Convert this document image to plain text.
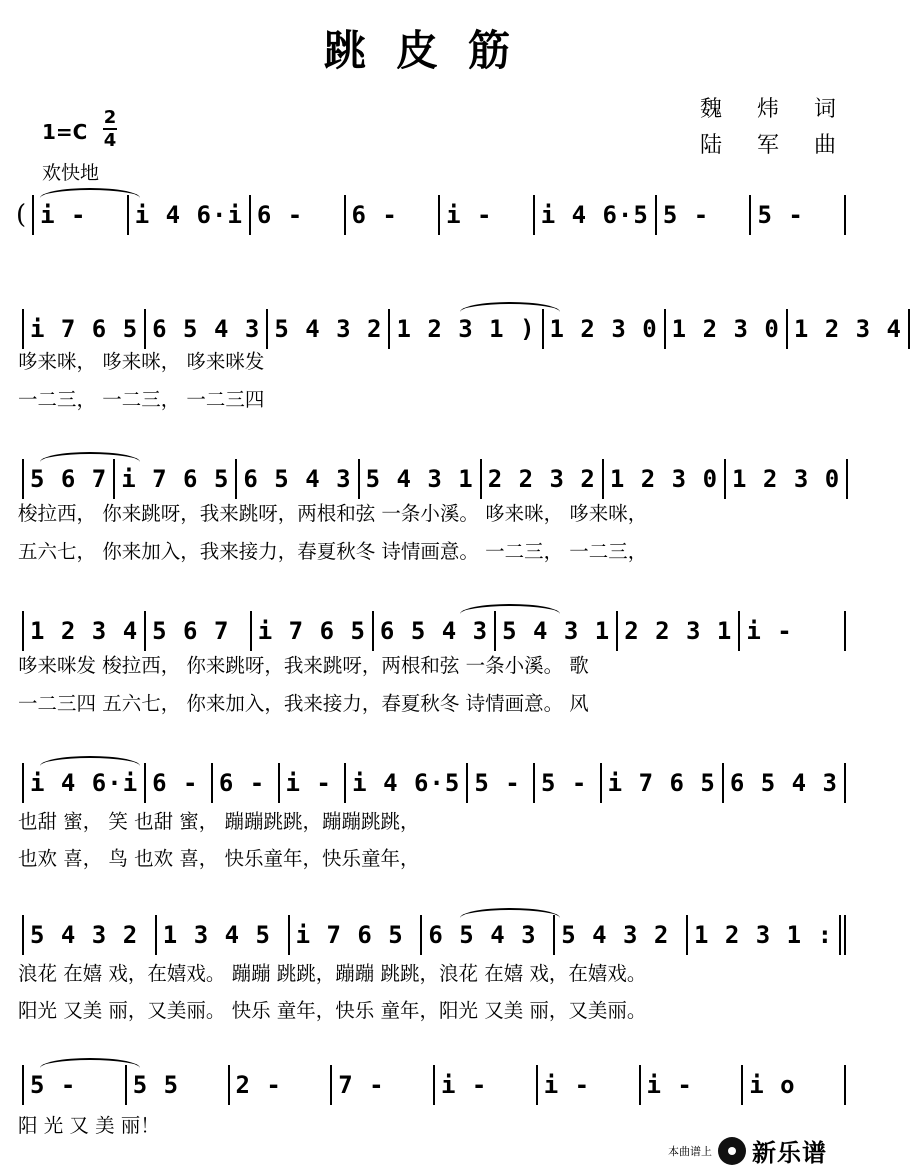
跳皮筋
魏 炜 词
陆 军 曲
1=C
2
4
欢快地
( i -	i 4 6·i 6 -	6 -	i -	i 4 6·5 5 -	5 -
i 7 6 5 6 5 4 3 5 4 3 2 1 2 3 1 ) 1 2 3 0 1 2 3 0 1 2 3 4
哆来咪， 哆来咪， 哆来咪发
一二三， 一二三， 一二三四
5 6 7 i 7 6 5 6 5 4 3 5 4 3 1 2 2 3 2 1 2 3 0 1 2 3 0
梭拉西， 你来跳呀，我来跳呀，两根和弦 一条小溪。 哆来咪， 哆来咪，
五六七， 你来加入，我来接力，春夏秋冬 诗情画意。 一二三， 一二三，
1 2 3 4 5 6 7	i 7 6 5 6 5 4 3 5 4 3 1 2 2 3 1 i -
哆来咪发 梭拉西， 你来跳呀，我来跳呀，两根和弦 一条小溪。 歌
一二三四 五六七， 你来加入，我来接力，春夏秋冬 诗情画意。 风
i 4 6·i 6 - 6 - i - i 4 6·5 5 - 5 - i 7 6 5 6 5 4 3
也甜 蜜， 笑 也甜 蜜， 蹦蹦跳跳，蹦蹦跳跳，
也欢 喜， 鸟 也欢 喜， 快乐童年，快乐童年，
5 4 3 2	1 3 4 5	i 7 6 5	6 5 4 3	5 4 3 2	1 2 3 1 :
浪花 在嬉 戏，在嬉戏。 蹦蹦 跳跳，蹦蹦 跳跳，浪花 在嬉 戏，在嬉戏。
阳光 又美 丽，又美丽。 快乐 童年，快乐 童年，阳光 又美 丽，又美丽。
5 -	5 5	2 -	7 -	i -	i -	i -	i o
阳 光 又 美 丽！
本曲谱上 新乐谱
